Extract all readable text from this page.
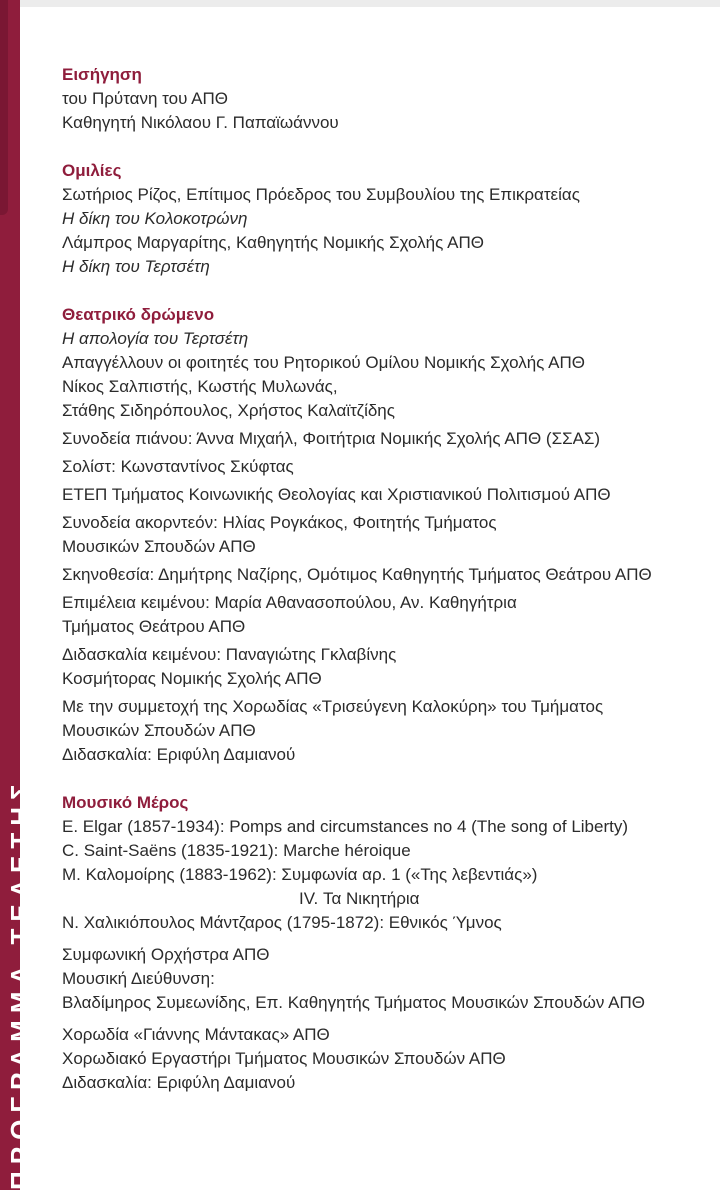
ΠΡΟΓΡΑΜΜΑ ΤΕΛΕΤΗΣ
Εισήγηση
του Πρύτανη του ΑΠΘ
Καθηγητή Νικόλαου Γ. Παπαϊωάννου
Ομιλίες
Σωτήριος Ρίζος, Επίτιμος Πρόεδρος του Συμβουλίου της Επικρατείας
Η δίκη του Κολοκοτρώνη
Λάμπρος Μαργαρίτης, Καθηγητής Νομικής Σχολής ΑΠΘ
Η δίκη του Τερτσέτη
Θεατρικό δρώμενο
Η απολογία του Τερτσέτη
Απαγγέλλουν οι φοιτητές του Ρητορικού Ομίλου Νομικής Σχολής ΑΠΘ
Νίκος Σαλπιστής, Κωστής Μυλωνάς,
Στάθης Σιδηρόπουλος, Χρήστος Καλαϊτζίδης
Συνοδεία πιάνου: Άννα Μιχαήλ, Φοιτήτρια Νομικής Σχολής ΑΠΘ (ΣΣΑΣ)
Σολίστ: Κωνσταντίνος Σκύφτας
ΕΤΕΠ Τμήματος Κοινωνικής Θεολογίας και Χριστιανικού Πολιτισμού ΑΠΘ
Συνοδεία ακορντεόν: Ηλίας Ρογκάκος, Φοιτητής Τμήματος
Μουσικών Σπουδών ΑΠΘ
Σκηνοθεσία: Δημήτρης Ναζίρης, Ομότιμος Καθηγητής Τμήματος Θεάτρου ΑΠΘ
Επιμέλεια κειμένου: Μαρία Αθανασοπούλου, Αν. Καθηγήτρια
Τμήματος Θεάτρου ΑΠΘ
Διδασκαλία κειμένου: Παναγιώτης Γκλαβίνης
Κοσμήτορας Νομικής Σχολής ΑΠΘ
Με την συμμετοχή της Χορωδίας «Τρισεύγενη Καλοκύρη» του Τμήματος
Μουσικών Σπουδών ΑΠΘ
Διδασκαλία: Εριφύλη Δαμιανού
Μουσικό Μέρος
E. Elgar (1857-1934): Pomps and circumstances no 4 (The song of Liberty)
C. Saint-Saëns (1835-1921): Marche héroique
Μ. Καλομοίρης (1883-1962): Συμφωνία αρ. 1 («Της λεβεντιάς»)
IV. Τα Νικητήρια
Ν. Χαλικιόπουλος Μάντζαρος (1795-1872): Εθνικός Ύμνος
Συμφωνική Ορχήστρα ΑΠΘ
Μουσική Διεύθυνση:
Βλαδίμηρος Συμεωνίδης, Επ. Καθηγητής Τμήματος Μουσικών Σπουδών ΑΠΘ
Χορωδία «Γιάννης Μάντακας» ΑΠΘ
Χορωδιακό Εργαστήρι Τμήματος Μουσικών Σπουδών ΑΠΘ
Διδασκαλία: Εριφύλη Δαμιανού
